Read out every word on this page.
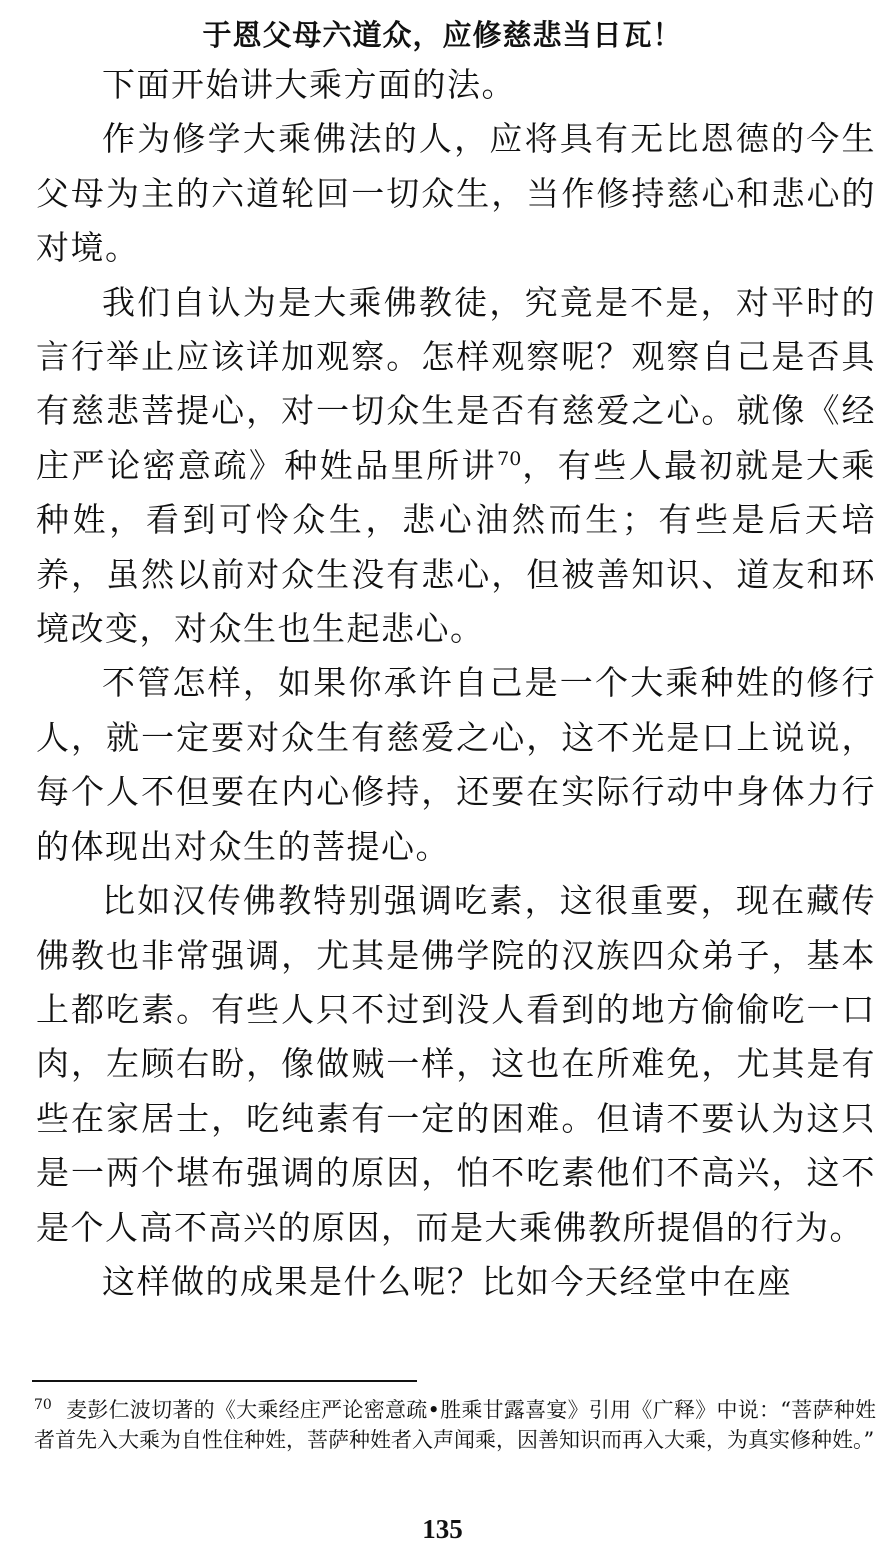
于恩父母六道众，应修慈悲当日瓦！

下面开始讲大乘方面的法。

作为修学大乘佛法的人，应将具有无比恩德的今生父母为主的六道轮回一切众生，当作修持慈心和悲心的对境。

我们自认为是大乘佛教徒，究竟是不是，对平时的言行举止应该详加观察。怎样观察呢？观察自己是否具有慈悲菩提心，对一切众生是否有慈爱之心。就像《经庄严论密意疏》种姓品里所讲$^{70}$，有些人最初就是大乘种姓，看到可怜众生，悲心油然而生；有些是后天培养，虽然以前对众生没有悲心，但被善知识、道友和环境改变，对众生也生起悲心。

不管怎样，如果你承许自己是一个大乘种姓的修行人，就一定要对众生有慈爱之心，这不光是口上说说，每个人不但要在内心修持，还要在实际行动中身体力行的体现出对众生的菩提心。

比如汉传佛教特别强调吃素，这很重要，现在藏传佛教也非常强调，尤其是佛学院的汉族四众弟子，基本上都吃素。有些人只不过到没人看到的地方偷偷吃一口肉，左顾右盼，像做贼一样，这也在所难免，尤其是有些在家居士，吃纯素有一定的困难。但请不要认为这只是一两个堪布强调的原因，怕不吃素他们不高兴，这不是个人高不高兴的原因，而是大乘佛教所提倡的行为。

这样做的成果是什么呢？比如今天经堂中在座

$^{70}$ 麦彭仁波切著的《大乘经庄严论密意疏•胜乘甘露喜宴》引用《广释》中说：“菩萨种姓者首先入大乘为自性住种姓，菩萨种姓者入声闻乘，因善知识而再入大乘，为真实修种姓。”
135
